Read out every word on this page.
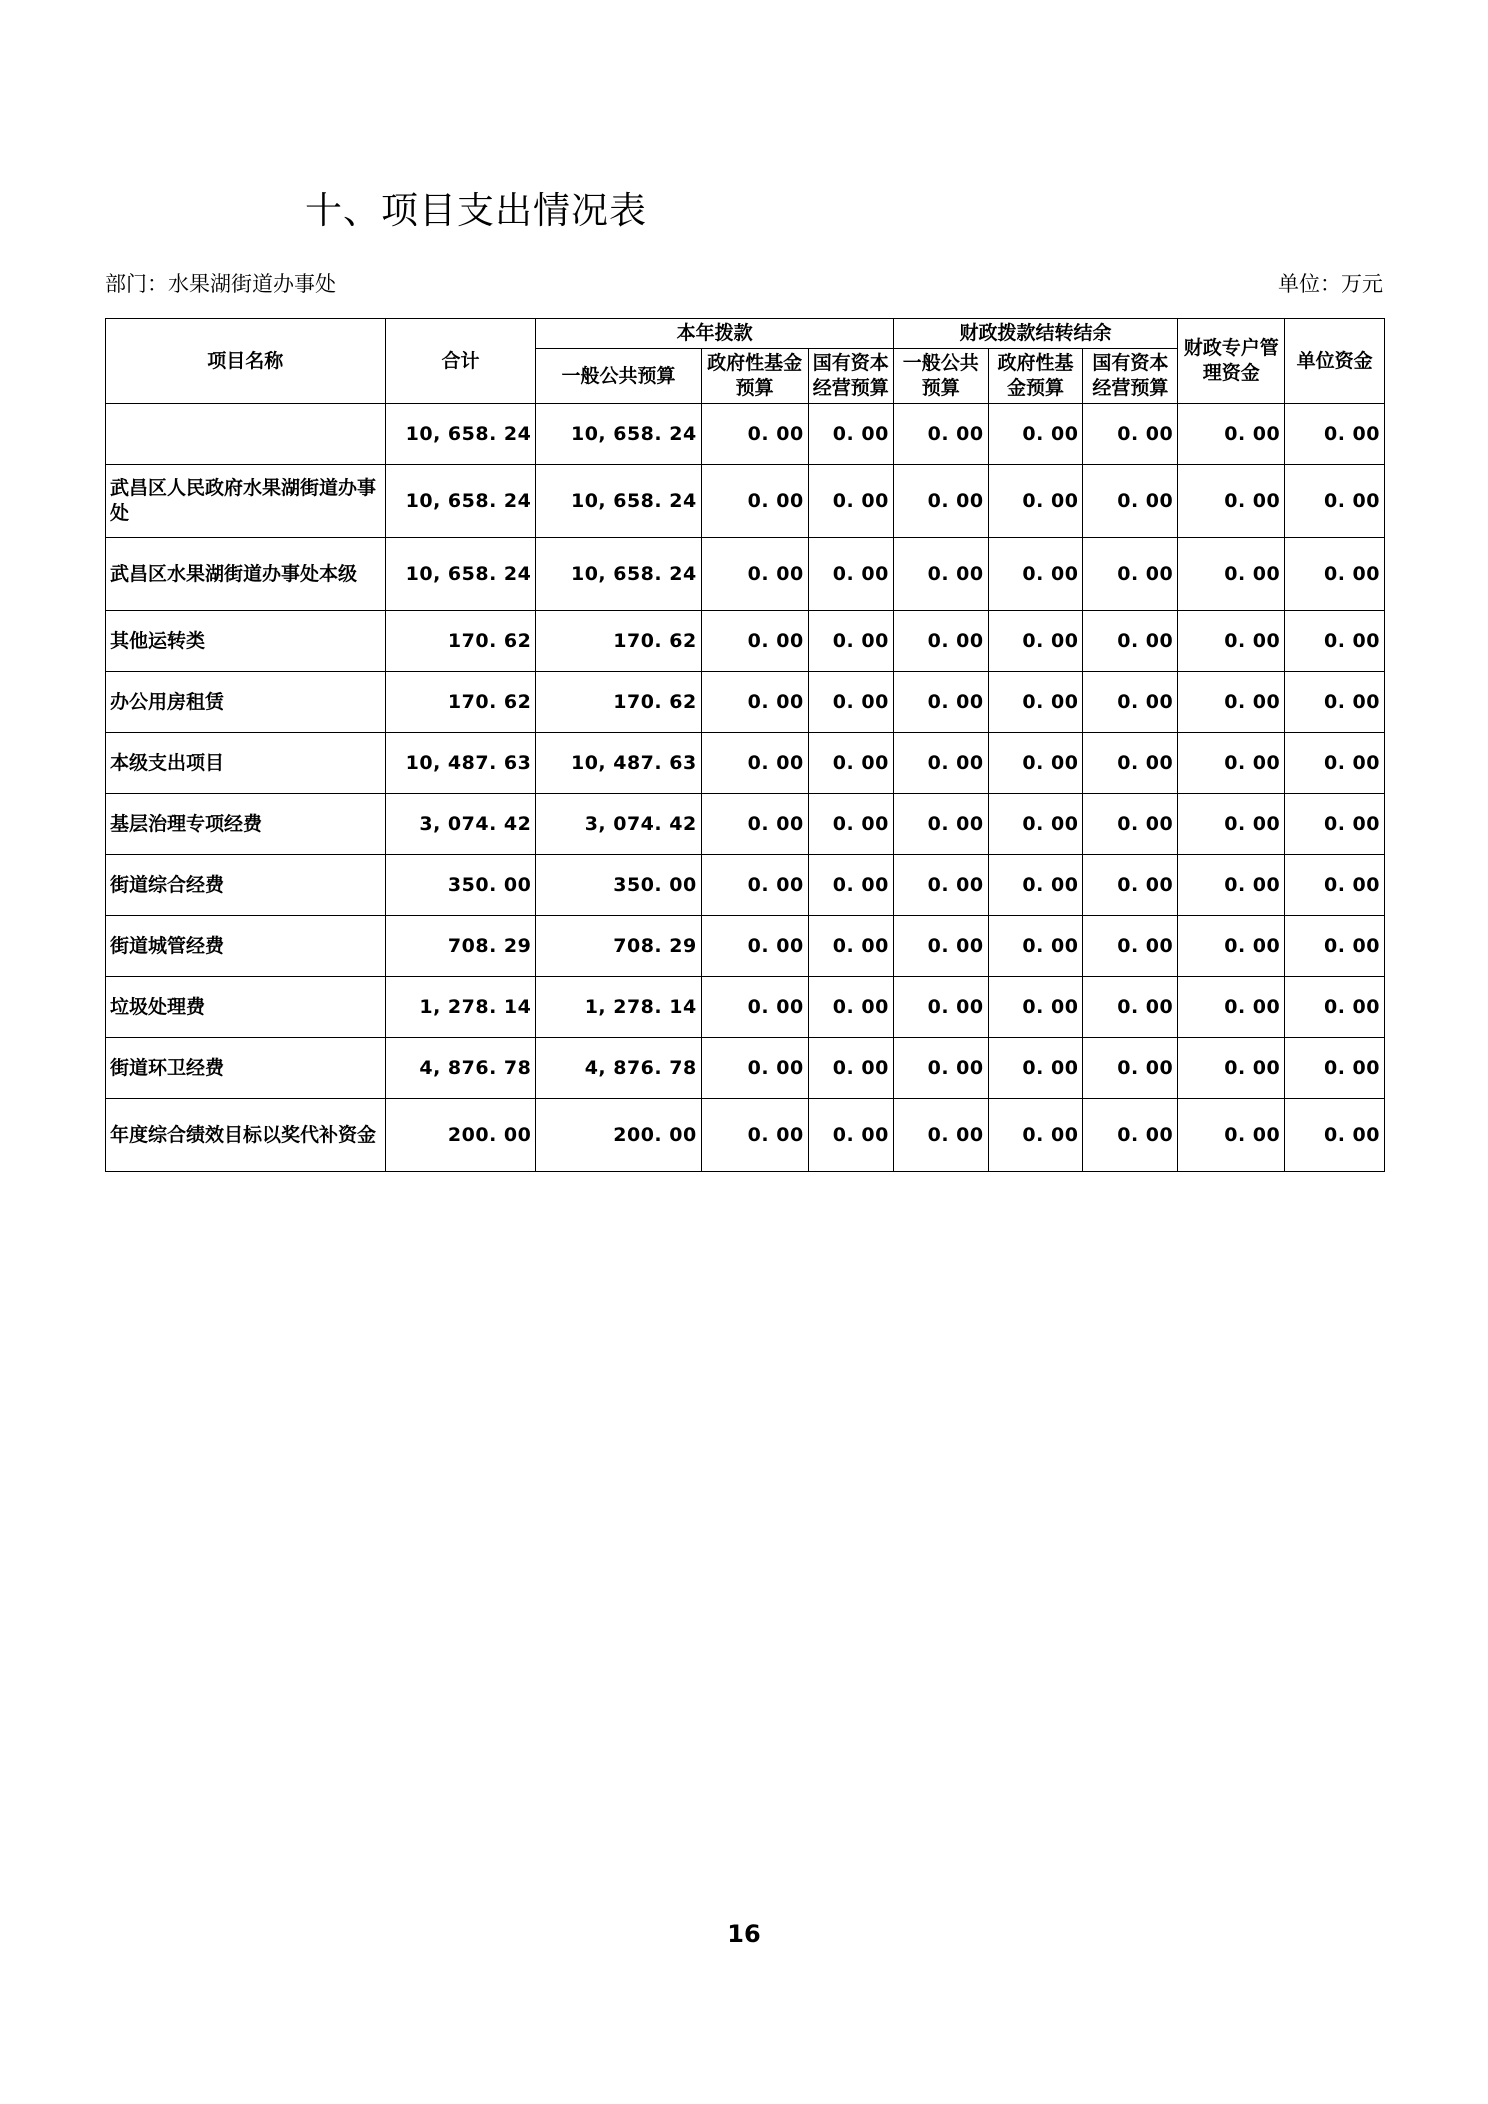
十、项目支出情况表
部门：水果湖街道办事处	单位：万元
项目名称	合计	本年拨款			财政拨款结转结余			财政专户管理资金	单位资金
		一般公共预算	政府性基金预算	国有资本经营预算	一般公共预算	政府性基金预算	国有资本经营预算		
	10, 658. 24	10, 658. 24	0. 00	0. 00	0. 00	0. 00	0. 00	0. 00	0. 00
武昌区人民政府水果湖街道办事处	10, 658. 24	10, 658. 24	0. 00	0. 00	0. 00	0. 00	0. 00	0. 00	0. 00
武昌区水果湖街道办事处本级	10, 658. 24	10, 658. 24	0. 00	0. 00	0. 00	0. 00	0. 00	0. 00	0. 00
其他运转类	170. 62	170. 62	0. 00	0. 00	0. 00	0. 00	0. 00	0. 00	0. 00
办公用房租赁	170. 62	170. 62	0. 00	0. 00	0. 00	0. 00	0. 00	0. 00	0. 00
本级支出项目	10, 487. 63	10, 487. 63	0. 00	0. 00	0. 00	0. 00	0. 00	0. 00	0. 00
基层治理专项经费	3, 074. 42	3, 074. 42	0. 00	0. 00	0. 00	0. 00	0. 00	0. 00	0. 00
街道综合经费	350. 00	350. 00	0. 00	0. 00	0. 00	0. 00	0. 00	0. 00	0. 00
街道城管经费	708. 29	708. 29	0. 00	0. 00	0. 00	0. 00	0. 00	0. 00	0. 00
垃圾处理费	1, 278. 14	1, 278. 14	0. 00	0. 00	0. 00	0. 00	0. 00	0. 00	0. 00
街道环卫经费	4, 876. 78	4, 876. 78	0. 00	0. 00	0. 00	0. 00	0. 00	0. 00	0. 00
年度综合绩效目标以奖代补资金	200. 00	200. 00	0. 00	0. 00	0. 00	0. 00	0. 00	0. 00	0. 00
16
